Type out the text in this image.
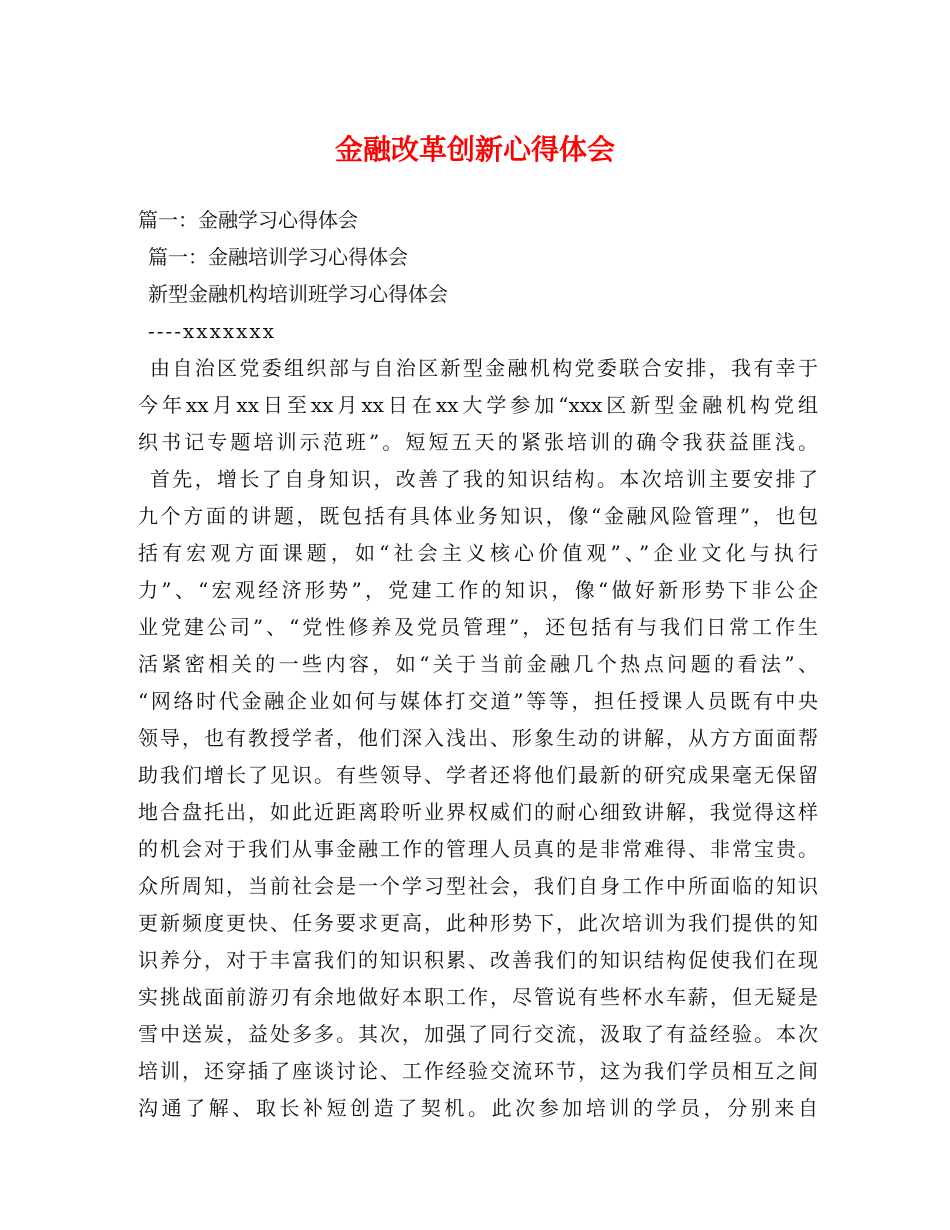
金融改革创新心得体会
篇一：金融学习心得体会
篇一：金融培训学习心得体会
新型金融机构培训班学习心得体会
----xxxxxxx
由自治区党委组织部与自治区新型金融机构党委联合安排，我有幸于
今年xx月xx日至xx月xx日在xx大学参加“xxx区新型金融机构党组
织书记专题培训示范班”。短短五天的紧张培训的确令我获益匪浅。
首先，增长了自身知识，改善了我的知识结构。本次培训主要安排了
九个方面的讲题，既包括有具体业务知识，像“金融风险管理”，也包
括有宏观方面课题，如“社会主义核心价值观”、”企业文化与执行
力”、“宏观经济形势”，党建工作的知识，像“做好新形势下非公企
业党建公司”、“党性修养及党员管理”，还包括有与我们日常工作生
活紧密相关的一些内容，如“关于当前金融几个热点问题的看法”、
“网络时代金融企业如何与媒体打交道”等等，担任授课人员既有中央
领导，也有教授学者，他们深入浅出、形象生动的讲解，从方方面面帮
助我们增长了见识。有些领导、学者还将他们最新的研究成果毫无保留
地合盘托出，如此近距离聆听业界权威们的耐心细致讲解，我觉得这样
的机会对于我们从事金融工作的管理人员真的是非常难得、非常宝贵。
众所周知，当前社会是一个学习型社会，我们自身工作中所面临的知识
更新频度更快、任务要求更高，此种形势下，此次培训为我们提供的知
识养分，对于丰富我们的知识积累、改善我们的知识结构促使我们在现
实挑战面前游刃有余地做好本职工作，尽管说有些杯水车薪，但无疑是
雪中送炭，益处多多。其次，加强了同行交流，汲取了有益经验。本次
培训，还穿插了座谈讨论、工作经验交流环节，这为我们学员相互之间
沟通了解、取长补短创造了契机。此次参加培训的学员，分别来自
